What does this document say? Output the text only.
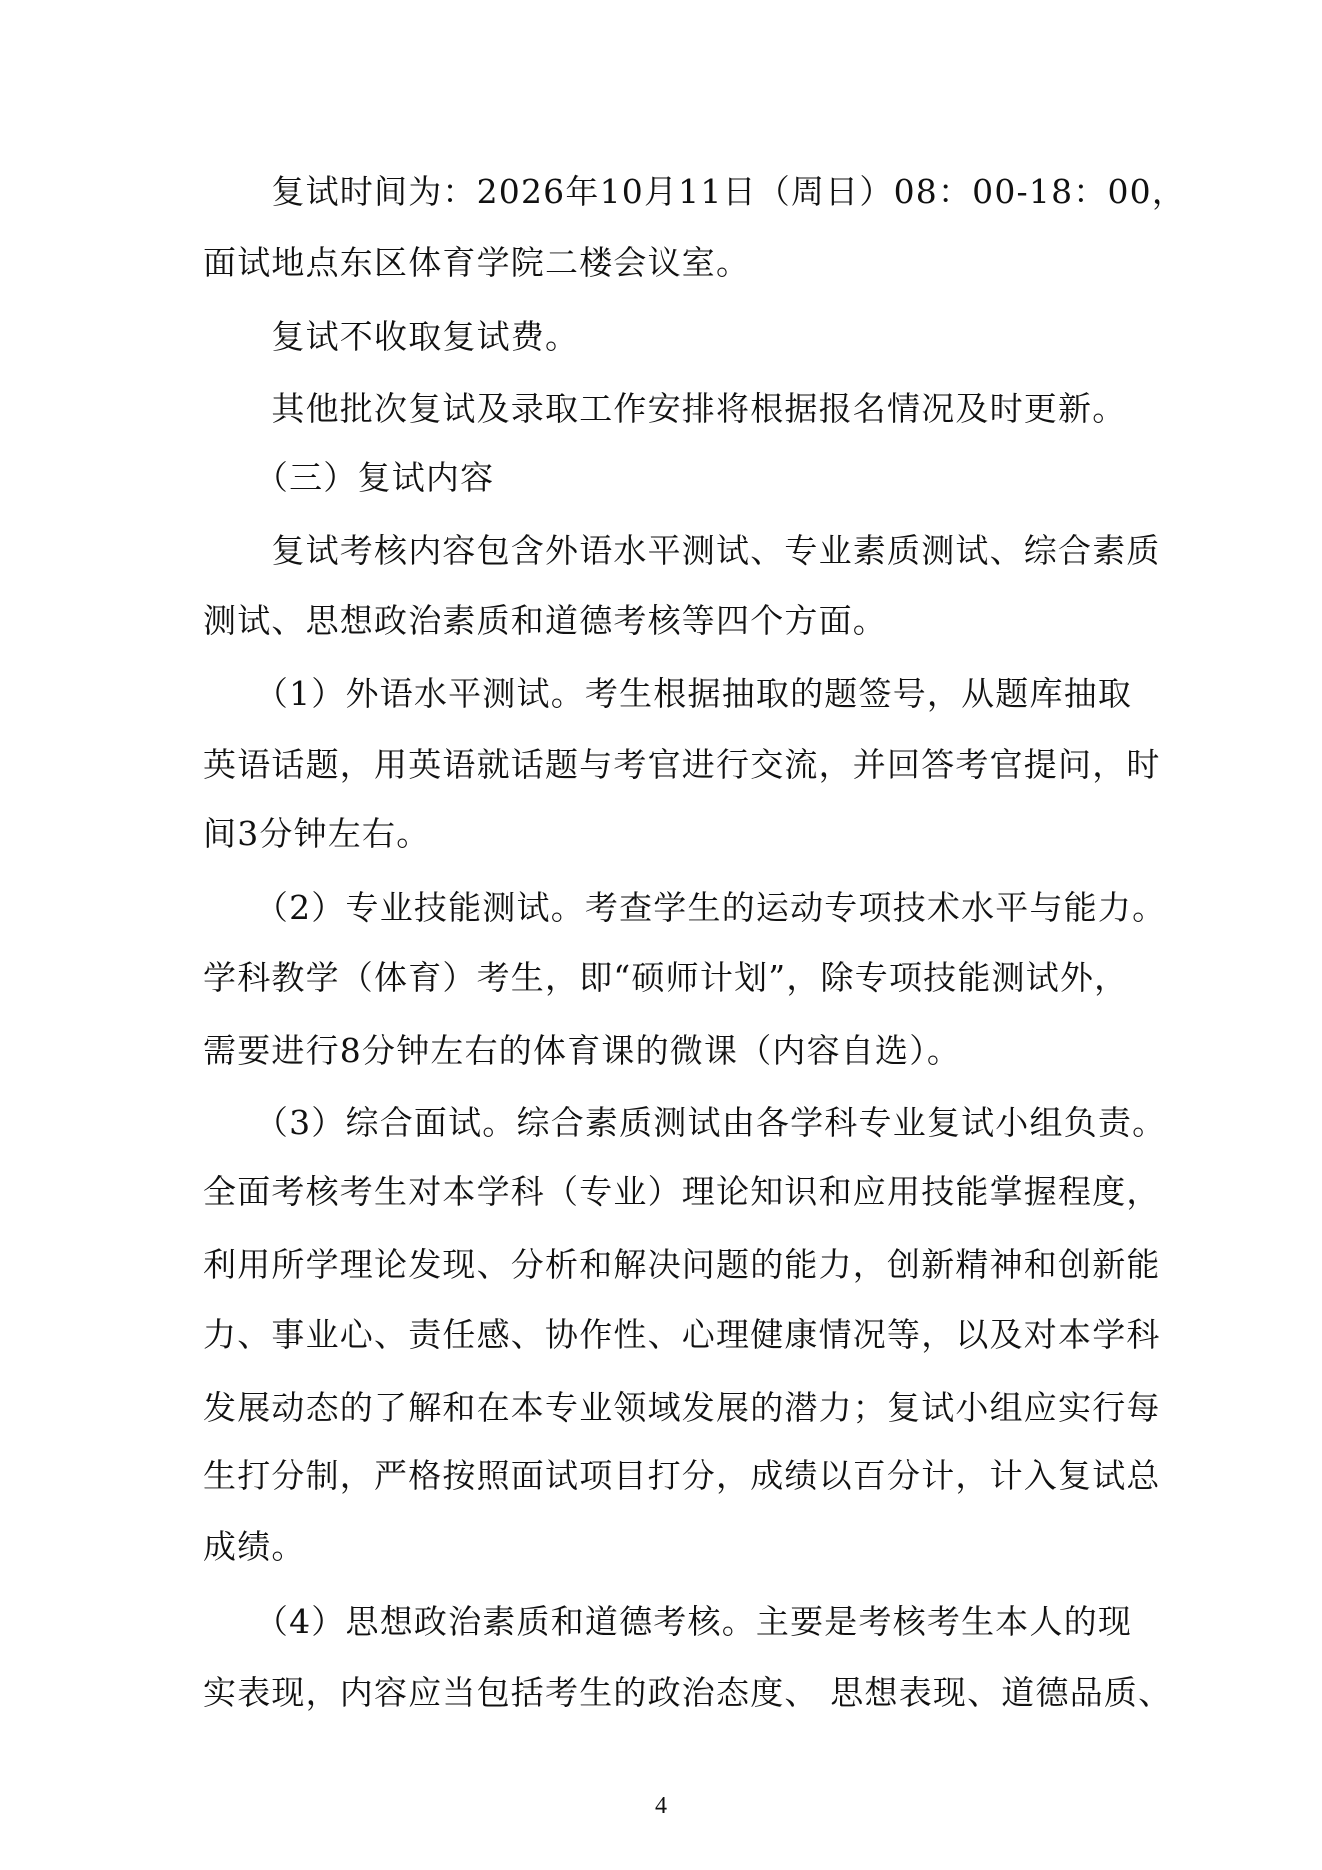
　　复试时间为：2026年10月11日（周日）08：00-18：00，
面试地点东区体育学院二楼会议室。
　　复试不收取复试费。
　　其他批次复试及录取工作安排将根据报名情况及时更新。
　　（三）复试内容
　　复试考核内容包含外语水平测试、专业素质测试、综合素质
测试、思想政治素质和道德考核等四个方面。
　　（1）外语水平测试。考生根据抽取的题签号，从题库抽取
英语话题，用英语就话题与考官进行交流，并回答考官提问，时
间3分钟左右。
　　（2）专业技能测试。考查学生的运动专项技术水平与能力。
学科教学（体育）考生，即“硕师计划”，除专项技能测试外，
需要进行8分钟左右的体育课的微课（内容自选）。
　　（3）综合面试。综合素质测试由各学科专业复试小组负责。
全面考核考生对本学科（专业）理论知识和应用技能掌握程度，
利用所学理论发现、分析和解决问题的能力，创新精神和创新能
力、事业心、责任感、协作性、心理健康情况等，以及对本学科
发展动态的了解和在本专业领域发展的潜力；复试小组应实行每
生打分制，严格按照面试项目打分，成绩以百分计，计入复试总
成绩。
　　（4）思想政治素质和道德考核。主要是考核考生本人的现
实表现，内容应当包括考生的政治态度、 思想表现、道德品质、
4
